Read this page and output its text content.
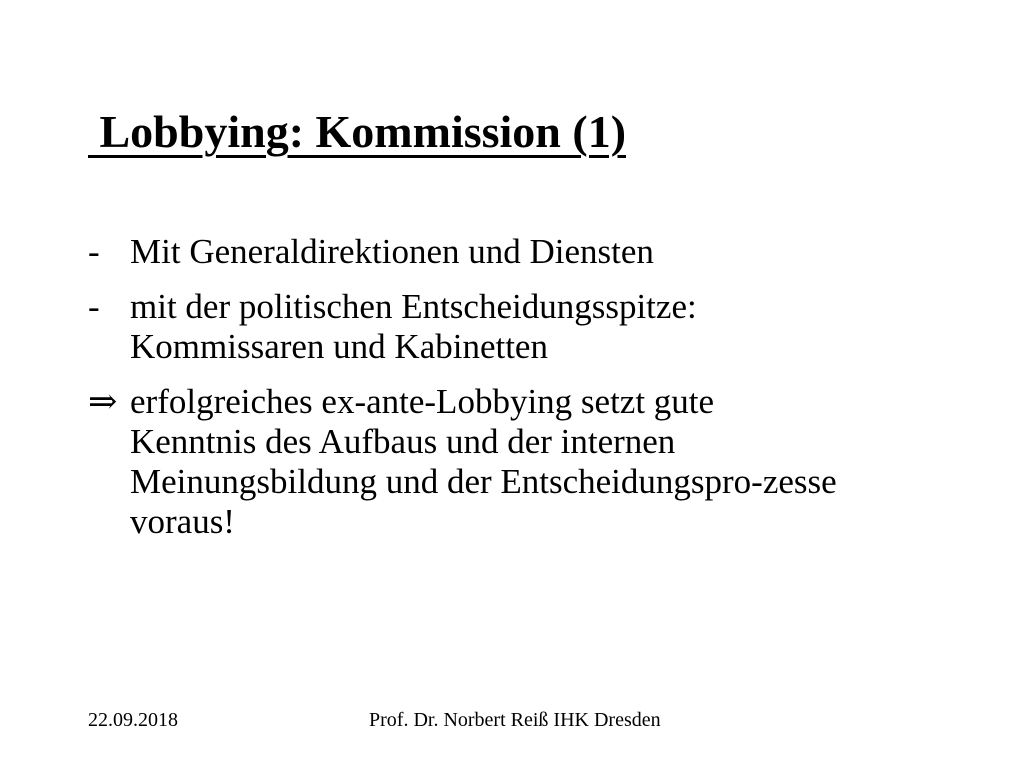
Lobbying: Kommission (1)
- Mit Generaldirektionen und Diensten
- mit der politischen Entscheidungsspitze:
Kommissaren und Kabinetten
⇒ erfolgreiches ex-ante-Lobbying setzt gute
Kenntnis des Aufbaus und der internen
Meinungsbildung und der Entscheidungspro-zesse
voraus!
22.09.2018	Prof. Dr. Norbert Reiß IHK Dresden
